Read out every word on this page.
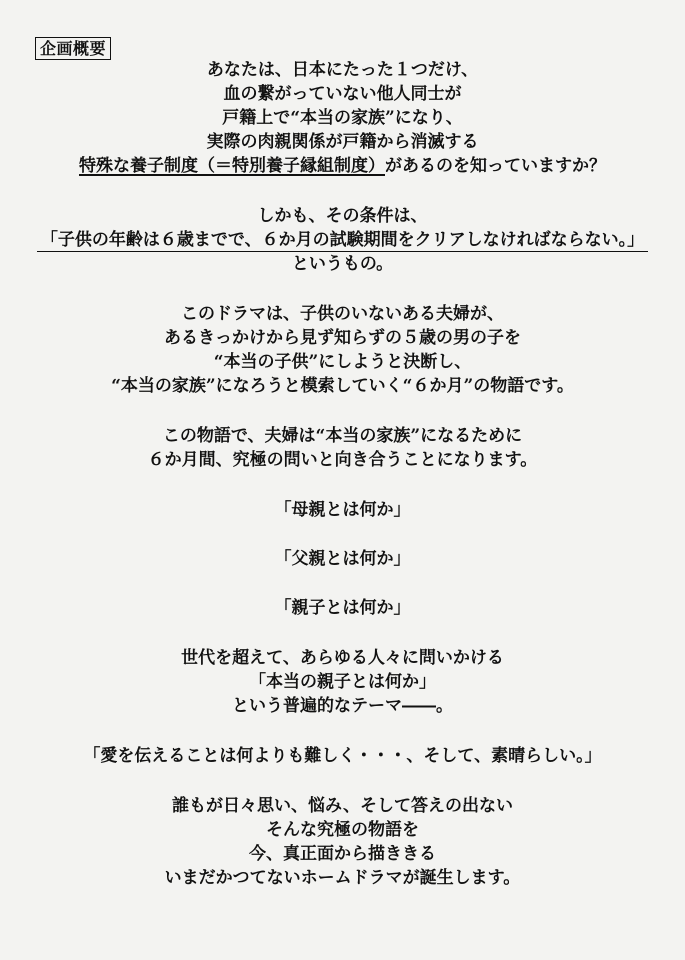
企画概要
あなたは、日本にたった１つだけ、
血の繋がっていない他人同士が
戸籍上で“本当の家族”になり、
実際の肉親関係が戸籍から消滅する
特殊な養子制度（＝特別養子縁組制度）があるのを知っていますか？
しかも、その条件は、
「子供の年齢は６歳までで、６か月の試験期間をクリアしなければならない。」
というもの。
このドラマは、子供のいないある夫婦が、
あるきっかけから見ず知らずの５歳の男の子を
“本当の子供”にしようと決断し、
“本当の家族”になろうと模索していく“６か月”の物語です。
この物語で、夫婦は“本当の家族”になるために
６か月間、究極の問いと向き合うことになります。
「母親とは何か」
「父親とは何か」
「親子とは何か」
世代を超えて、あらゆる人々に問いかける
「本当の親子とは何か」
という普遍的なテーマ――。
「愛を伝えることは何よりも難しく・・・、そして、素晴らしい。」
誰もが日々思い、悩み、そして答えの出ない
そんな究極の物語を
今、真正面から描ききる
いまだかつてないホームドラマが誕生します。
